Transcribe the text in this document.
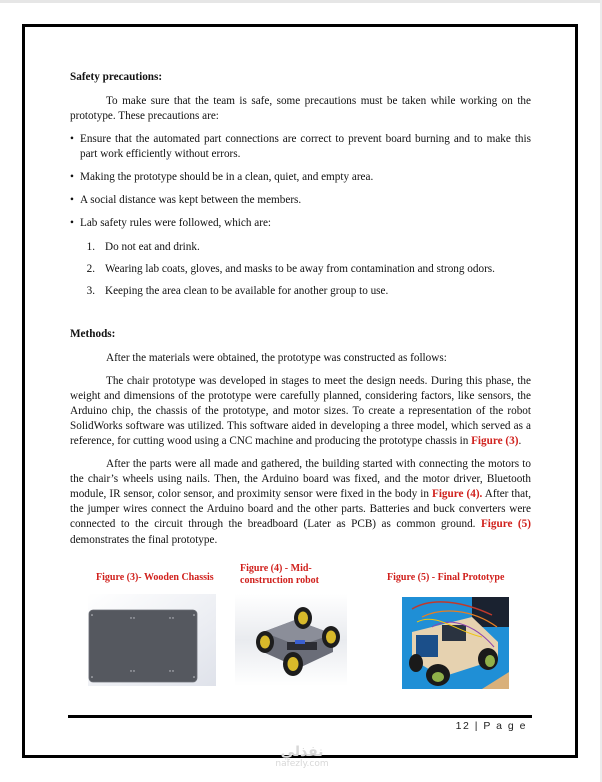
Safety precautions:

To make sure that the team is safe, some precautions must be taken while working on the prototype. These precautions are:

• Ensure that the automated part connections are correct to prevent board burning and to make this part work efficiently without errors.
• Making the prototype should be in a clean, quiet, and empty area.
• A social distance was kept between the members.
• Lab safety rules were followed, which are:
1. Do not eat and drink.
2. Wearing lab coats, gloves, and masks to be away from contamination and strong odors.
3. Keeping the area clean to be available for another group to use.
Methods:

After the materials were obtained, the prototype was constructed as follows:

The chair prototype was developed in stages to meet the design needs. During this phase, the weight and dimensions of the prototype were carefully planned, considering factors, like sensors, the Arduino chip, the chassis of the prototype, and motor sizes. To create a representation of the robot SolidWorks software was utilized. This software aided in developing a three model, which served as a reference, for cutting wood using a CNC machine and producing the prototype chassis in Figure (3).

After the parts were all made and gathered, the building started with connecting the motors to the chair’s wheels using nails. Then, the Arduino board was fixed, and the motor driver, Bluetooth module, IR sensor, color sensor, and proximity sensor were fixed in the body in Figure (4). After that, the jumper wires connect the Arduino board and the other parts. Batteries and buck converters were connected to the circuit through the breadboard (Later as PCB) as common ground. Figure (5) demonstrates the final prototype.

Figure (3)- Wooden Chassis
Figure (4) - Mid-construction robot	Figure (5) - Final Prototype
12 | P a g e
نفذلي
nafezly.com
